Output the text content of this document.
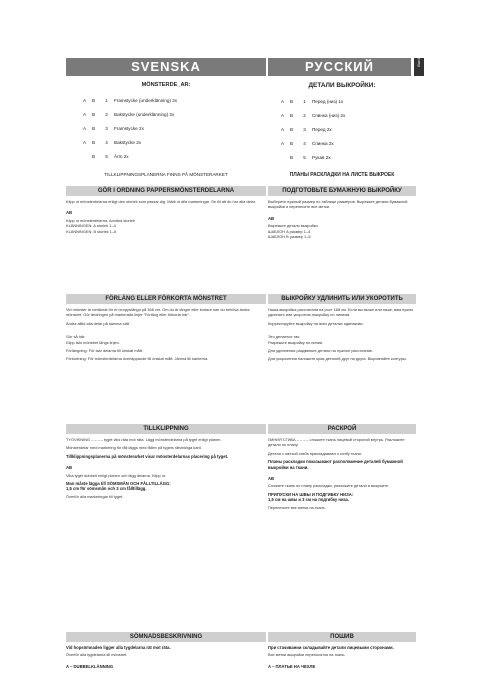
SVENSKA	РУССКИЙ	Burda

MÖNSTERDE_AR:

A B 1 Framstycke (underklänning) 2x
A B 2 Bakstycke (underklänning) 2x
A B 3 Framstycke 2x
A B 4 Bakstycke 2x
B 5 Ärm 2x

TILLKLIPPNINGSPLANERNA FINNS PÅ MÖNSTERARKET

GÖR I ORDNING PAPPERSMÖNSTERDELARNA

Klipp ut mönsterdelarna enligt den storlek som passar dig. Märk ut alla markeringar. Se till att du har alla delar.

AB

Klipp ut mönsterdelarna. Använd storlek
KLÄNNINGEN: A storlek 1–4
KLÄNNINGEN: B storlek 1–5

FÖRLÄNG ELLER FÖRKORTA MÖNSTRET

Vid mönster är beräknat för en kroppslängd på 168 cm. Om du är längre eller kortare kan du behöva ändra mönstret. Gör ändringen på markerade linjer ”Förläng eller förkorta här”.

Ändra alltid alla delar på samma sätt.

Gör så här:
Klipp isär mönstret längs linjen.

Förlängning: För isär delarna till önskat mått.

Förkortning: För mönsterdelarna överlappande till önskat mått. Jämna till kanterna.

TILLKLIPPNING

TYGVIKNING – – – – tyget viks räta mot räta. Lägg mönsterdelarna på tyget enligt planen.

Mönsterdelar med markering för fåll läggs med fållen på tygets rätvinkliga kant.

Tillklippningsplanerna på mönsterarket visar mönsterdelarnas placering på tyget.

AB

Vika tyget dubbelt enligt planen och lägg delarna. Klipp ut.

Man måste lägga till SÖMSMÅN OCH FÅLLTILLÄGG:
1,5 cm för sömsmån och 3 cm fålltillägg.

Överför alla markeringar till tyget.

SÖMNADSBESKRIVNING

Vid hopsömnaden ligger alla tygdelarna rät mot räta.

Överför alla tygdelarna till mönstret.

A – DUBBELKLÄNNING

ДЕТАЛИ ВЫКРОЙКИ:

A B 1 Перед (низ) 1x
A B 2 Спинка (низ) 2x
A B 3 Перед 2x
A B 4 Спинка 2x
B 5 Рукав 2x

ПЛАНЫ РАСКЛАДКИ НА ЛИСТЕ ВЫКРОЕК

ПОДГОТОВЬТЕ БУМАЖНУЮ ВЫКРОЙКУ

Выберите нужный размер по таблице размеров. Вырежьте детали бумажной выкройки и перенесите все метки.

AB

Вырежьте детали выкройки.
ШАБЛОН A размер 1–4
ШАБЛОН B размер 1–5

ВЫКРОЙКУ УДЛИНИТЬ ИЛИ УКОРОТИТЬ

Наша выкройка рассчитана на рост 168 см. Если вы выше или ниже, вам нужно удлинить или укоротить выкройку по линиям.

Корректируйте выкройку на всех деталях одинаково.

Это делается так:
Разрежьте выкройку по линии.

Для удлинения раздвиньте детали на нужное расстояние.

Для укорочения наложите края деталей друг на друга. Выровняйте контуры.

РАСКРОЙ

ЛИНИЯ СГИБА – – – – сложите ткань лицевой стороной внутрь. Разложите детали по плану.

Детали с меткой сгиба прикладывают к сгибу ткани.

Планы раскладки показывают расположение деталей бумажной выкройки на ткани.

AB

Сложите ткань по плану раскладки, разложите детали и выкроите.

ПРИПУСКИ НА ШВЫ И ПОДГИБКУ НИЗА:
1,5 см на швы и 3 см на подгибку низа.

Перенесите все метки на ткань.

ПОШИВ

При стачивании складывайте детали лицевыми сторонами.

Все метки выкройки переносятся на ткань.

A – ПЛАТЬЕ НА ЧЕХЛЕ
